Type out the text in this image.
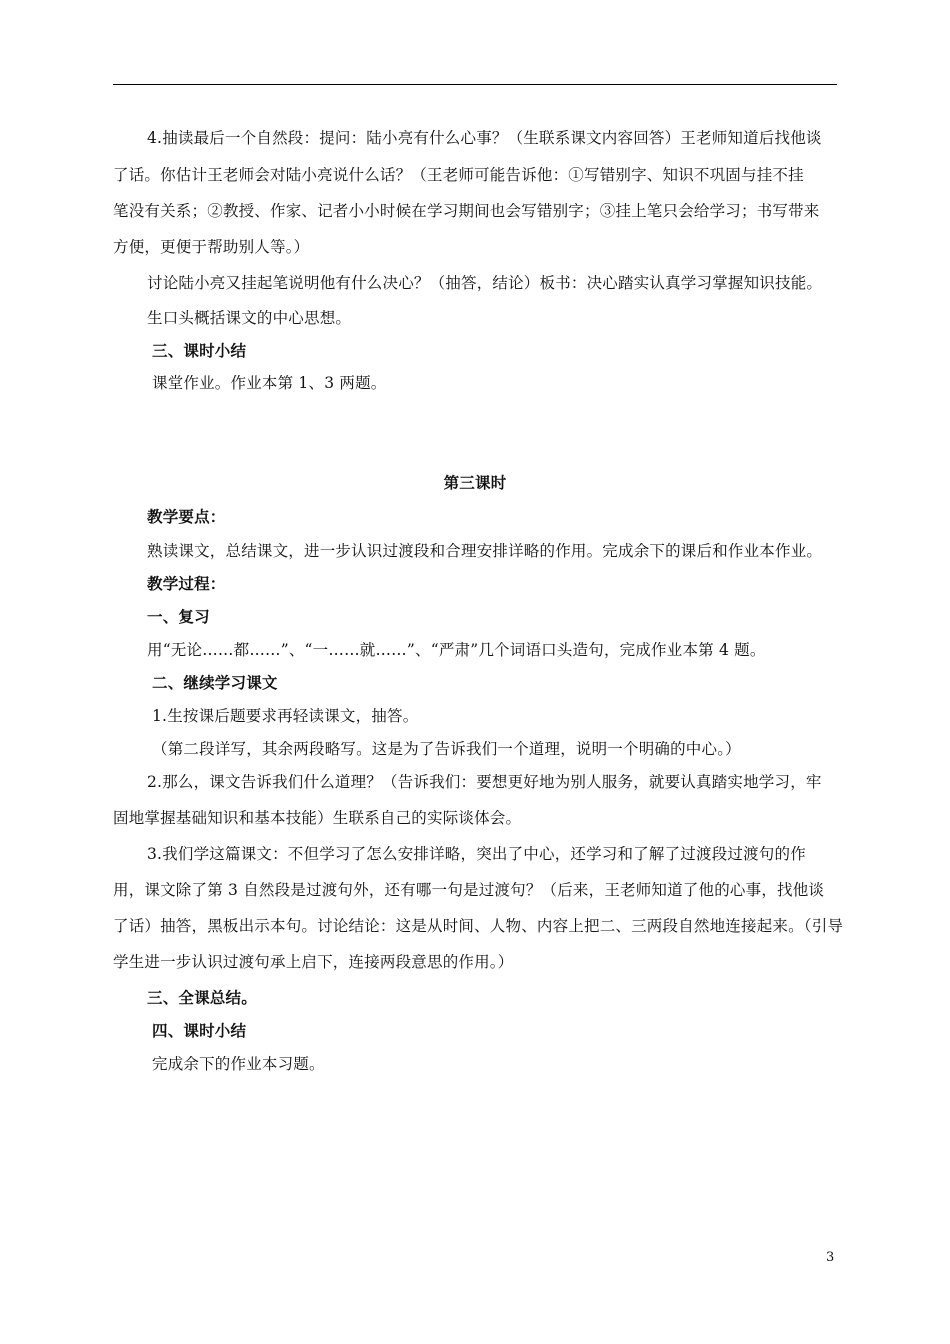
4.抽读最后一个自然段：提问：陆小亮有什么心事？（生联系课文内容回答）王老师知道后找他谈
了话。你估计王老师会对陆小亮说什么话？（王老师可能告诉他：①写错别字、知识不巩固与挂不挂
笔没有关系；②教授、作家、记者小小时候在学习期间也会写错别字；③挂上笔只会给学习；书写带来
方便，更便于帮助别人等。）
讨论陆小亮又挂起笔说明他有什么决心？（抽答，结论）板书：决心踏实认真学习掌握知识技能。
生口头概括课文的中心思想。
三、课时小结
课堂作业。作业本第 1、3 两题。
第三课时
教学要点：
熟读课文，总结课文，进一步认识过渡段和合理安排详略的作用。完成余下的课后和作业本作业。
教学过程：
一、复习
用“无论……都……”、“一……就……”、“严肃”几个词语口头造句，完成作业本第 4 题。
二、继续学习课文
1.生按课后题要求再轻读课文，抽答。
（第二段详写，其余两段略写。这是为了告诉我们一个道理，说明一个明确的中心。）
2.那么，课文告诉我们什么道理？（告诉我们：要想更好地为别人服务，就要认真踏实地学习，牢
固地掌握基础知识和基本技能）生联系自己的实际谈体会。
3.我们学这篇课文：不但学习了怎么安排详略，突出了中心，还学习和了解了过渡段过渡句的作
用，课文除了第 3 自然段是过渡句外，还有哪一句是过渡句？（后来，王老师知道了他的心事，找他谈
了话）抽答，黑板出示本句。讨论结论：这是从时间、人物、内容上把二、三两段自然地连接起来。（引导
学生进一步认识过渡句承上启下，连接两段意思的作用。）
三、全课总结。
四、课时小结
完成余下的作业本习题。
3
